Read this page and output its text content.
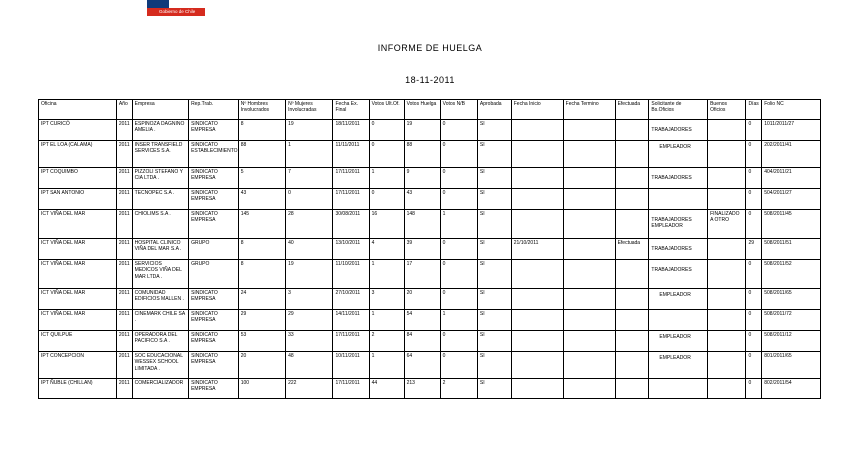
Gobierno de Chile
INFORME DE HUELGA
18-11-2011
Oficina	Año	Empresa	Rep.Trab.	Nº Hombres Involucrados	Nº Mujeres Involucradas	Fecha Ex. Final	Votos Ult.Of.	Votos Huelga	Votos N/B	Aprobada	Fecha Inicio	Fecha Termino	Efectuada	Solicitante de Bs.Oficios	Buenos Oficios	Días	Folio NC
IPT CURICÓ	2011	ESPINOZA DAGNINO AMELIA .	SINDICATO EMPRESA	8	19	18/11/2011	0	19	0	SI				TRABAJADORES		0	1011/2011/27
IPT EL LOA (CALAMA)	2011	INSER TRANSFIELD SERVICES S.A.	SINDICATO ESTABLECIMIENTO	88	1	11/11/2011	0	88	0	SI				EMPLEADOR		0	202/2011/41
IPT COQUIMBO	2011	PIZZOLI STEFANO Y CIA LTDA .	SINDICATO EMPRESA	5	7	17/11/2011	1	9	0	SI				TRABAJADORES		0	404/2011/21
IPT SAN ANTONIO	2011	TECNOPEC S.A .	SINDICATO EMPRESA	43	0	17/11/2011	0	43	0	SI						0	504/2011/27
ICT VIÑA DEL MAR	2011	CHIOLIMS S.A .	SINDICATO EMPRESA	145	28	30/08/2011	16	148	1	SI				TRABAJADORES EMPLEADOR	FINALIZADO A OTRO	0	508/2011/45
ICT VIÑA DEL MAR	2011	HOSPITAL CLINICO VIÑA DEL MAR S.A .	GRUPO	8	40	13/10/2011	4	39	0	SI	21/10/2011		Efectuada	TRABAJADORES		29	508/2011/51
ICT VIÑA DEL MAR	2011	SERVICIOS MEDICOS VIÑA DEL MAR LTDA .	GRUPO	8	19	11/10/2011	1	17	0	SI				TRABAJADORES		0	508/2011/52
ICT VIÑA DEL MAR	2011	COMUNIDAD EDIFICIOS MALLEN .	SINDICATO EMPRESA	24	3	27/10/2011	3	20	0	SI				EMPLEADOR		0	508/2011/65
ICT VIÑA DEL MAR	2011	CINEMARK CHILE SA .	SINDICATO EMPRESA	29	29	14/11/2011	1	54	1	SI						0	508/2011/72
ICT QUILPUE	2011	OPERADORA DEL PACIFICO S.A .	SINDICATO EMPRESA	53	33	17/11/2011	2	84	0	SI				EMPLEADOR		0	508/2011/12
IPT CONCEPCION	2011	SOC EDUCACIONAL WESSEX SCHOOL LIMITADA .	SINDICATO EMPRESA	20	48	10/11/2011	1	64	0	SI				EMPLEADOR		0	801/2011/65
IPT ÑUBLE (CHILLAN)	2011	COMERCIALIZADOR	SINDICATO EMPRESA	100	222	17/11/2011	44	213	2	SI						0	802/2011/54
